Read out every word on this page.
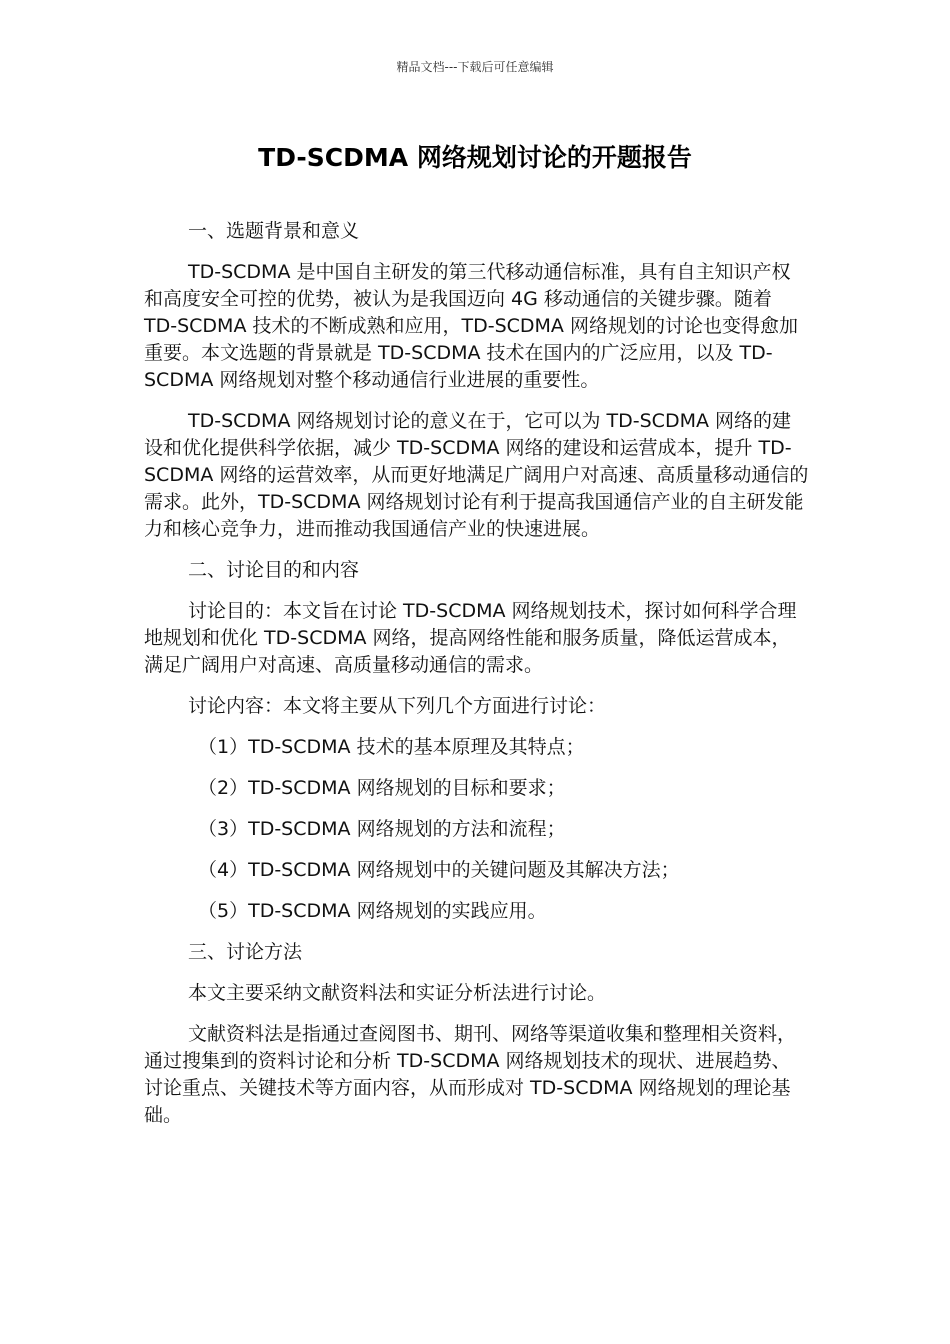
精品文档---下载后可任意编辑
TD-SCDMA 网络规划讨论的开题报告

一、选题背景和意义

TD-SCDMA 是中国自主研发的第三代移动通信标准，具有自主知识产权和高度安全可控的优势，被认为是我国迈向 4G 移动通信的关键步骤。随着 TD-SCDMA 技术的不断成熟和应用，TD-SCDMA 网络规划的讨论也变得愈加重要。本文选题的背景就是 TD-SCDMA 技术在国内的广泛应用，以及 TD-SCDMA 网络规划对整个移动通信行业进展的重要性。

TD-SCDMA 网络规划讨论的意义在于，它可以为 TD-SCDMA 网络的建设和优化提供科学依据，减少 TD-SCDMA 网络的建设和运营成本，提升 TD-SCDMA 网络的运营效率，从而更好地满足广阔用户对高速、高质量移动通信的需求。此外，TD-SCDMA 网络规划讨论有利于提高我国通信产业的自主研发能力和核心竞争力，进而推动我国通信产业的快速进展。

二、讨论目的和内容

讨论目的：本文旨在讨论 TD-SCDMA 网络规划技术，探讨如何科学合理地规划和优化 TD-SCDMA 网络，提高网络性能和服务质量，降低运营成本，满足广阔用户对高速、高质量移动通信的需求。

讨论内容：本文将主要从下列几个方面进行讨论：

（1）TD-SCDMA 技术的基本原理及其特点；

（2）TD-SCDMA 网络规划的目标和要求；

（3）TD-SCDMA 网络规划的方法和流程；

（4）TD-SCDMA 网络规划中的关键问题及其解决方法；

（5）TD-SCDMA 网络规划的实践应用。

三、讨论方法

本文主要采纳文献资料法和实证分析法进行讨论。

文献资料法是指通过查阅图书、期刊、网络等渠道收集和整理相关资料，通过搜集到的资料讨论和分析 TD-SCDMA 网络规划技术的现状、进展趋势、讨论重点、关键技术等方面内容，从而形成对 TD-SCDMA 网络规划的理论基础。
